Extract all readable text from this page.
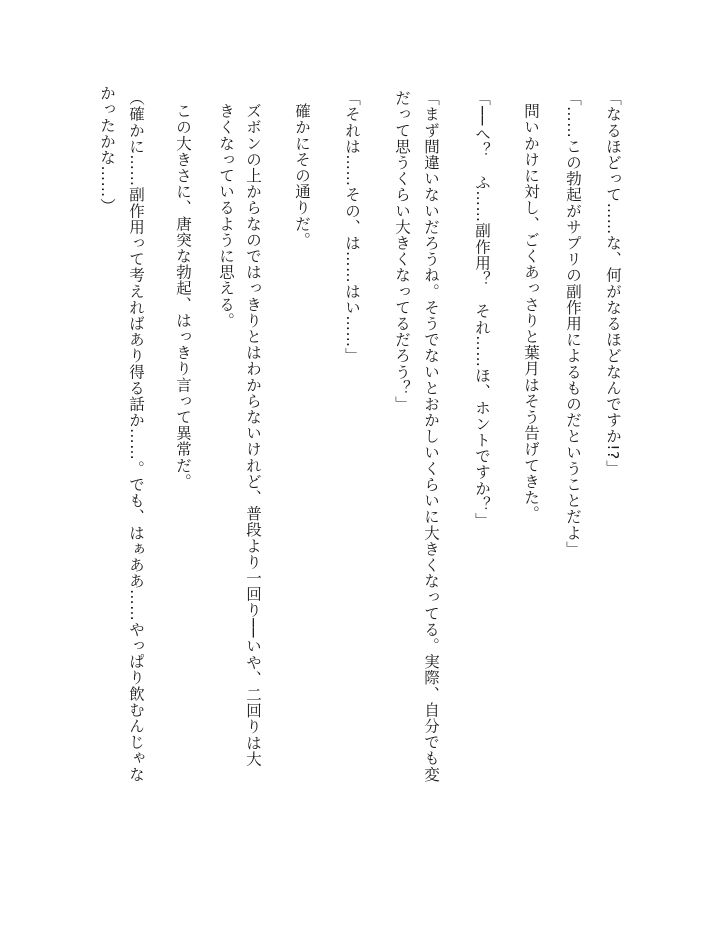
「なるほどって……な、何がなるほどなんですか!?」
「……この勃起がサプリの副作用によるものだということだよ」
問いかけに対し、ごくあっさりと葉月はそう告げてきた。
「──へ？　ふ……副作用？　それ……ほ、ホントですか？」
「まず間違いないだろうね。そうでないとおかしいくらいに大きくなってる。実際、自分でも変
だって思うくらい大きくなってるだろう？」
「それは……その、は……はい……」
確かにその通りだ。
ズボンの上からなのではっきりとはわからないけれど、普段より一回り──いや、二回りは大
きくなっているように思える。
この大きさに、唐突な勃起、はっきり言って異常だ。
（確かに……副作用って考えればあり得る話か……。でも、はぁああ……やっぱり飲むんじゃな
かったかな……）
